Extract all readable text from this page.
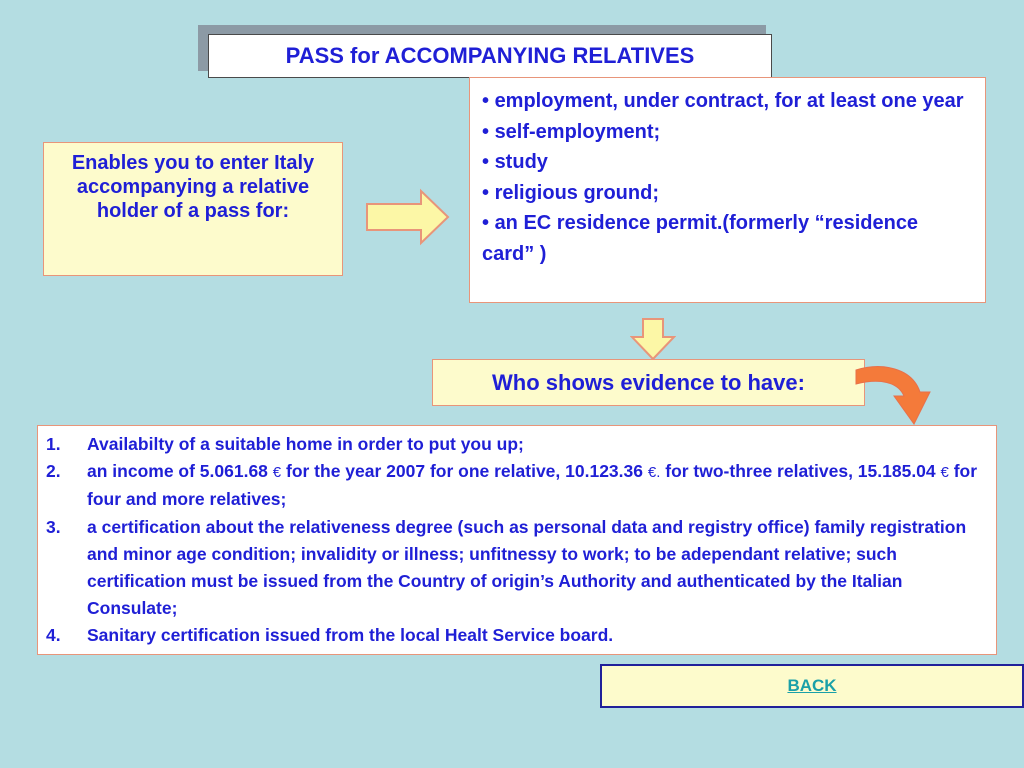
PASS for ACCOMPANYING RELATIVES
Enables you to enter Italy accompanying a relative holder of a pass for:
• employment, under contract, for at least one year
• self-employment;
• study
• religious ground;
• an EC residence permit.(formerly “residence card” )
Who shows evidence to have:
1.	Availabilty of a suitable home in order to put you up;
2.	an income of 5.061.68 € for the year 2007 for one relative, 10.123.36 €. for two-three relatives, 15.185.04 € for four and more relatives;
3.	a certification about the relativeness degree (such as personal data and registry office) family registration and minor age condition; invalidity or illness; unfitnessy to work; to be adependant relative; such certification must be issued from the Country of origin’s Authority and authenticated by the Italian Consulate;
4.	Sanitary certification issued from the local Healt Service board.
BACK
